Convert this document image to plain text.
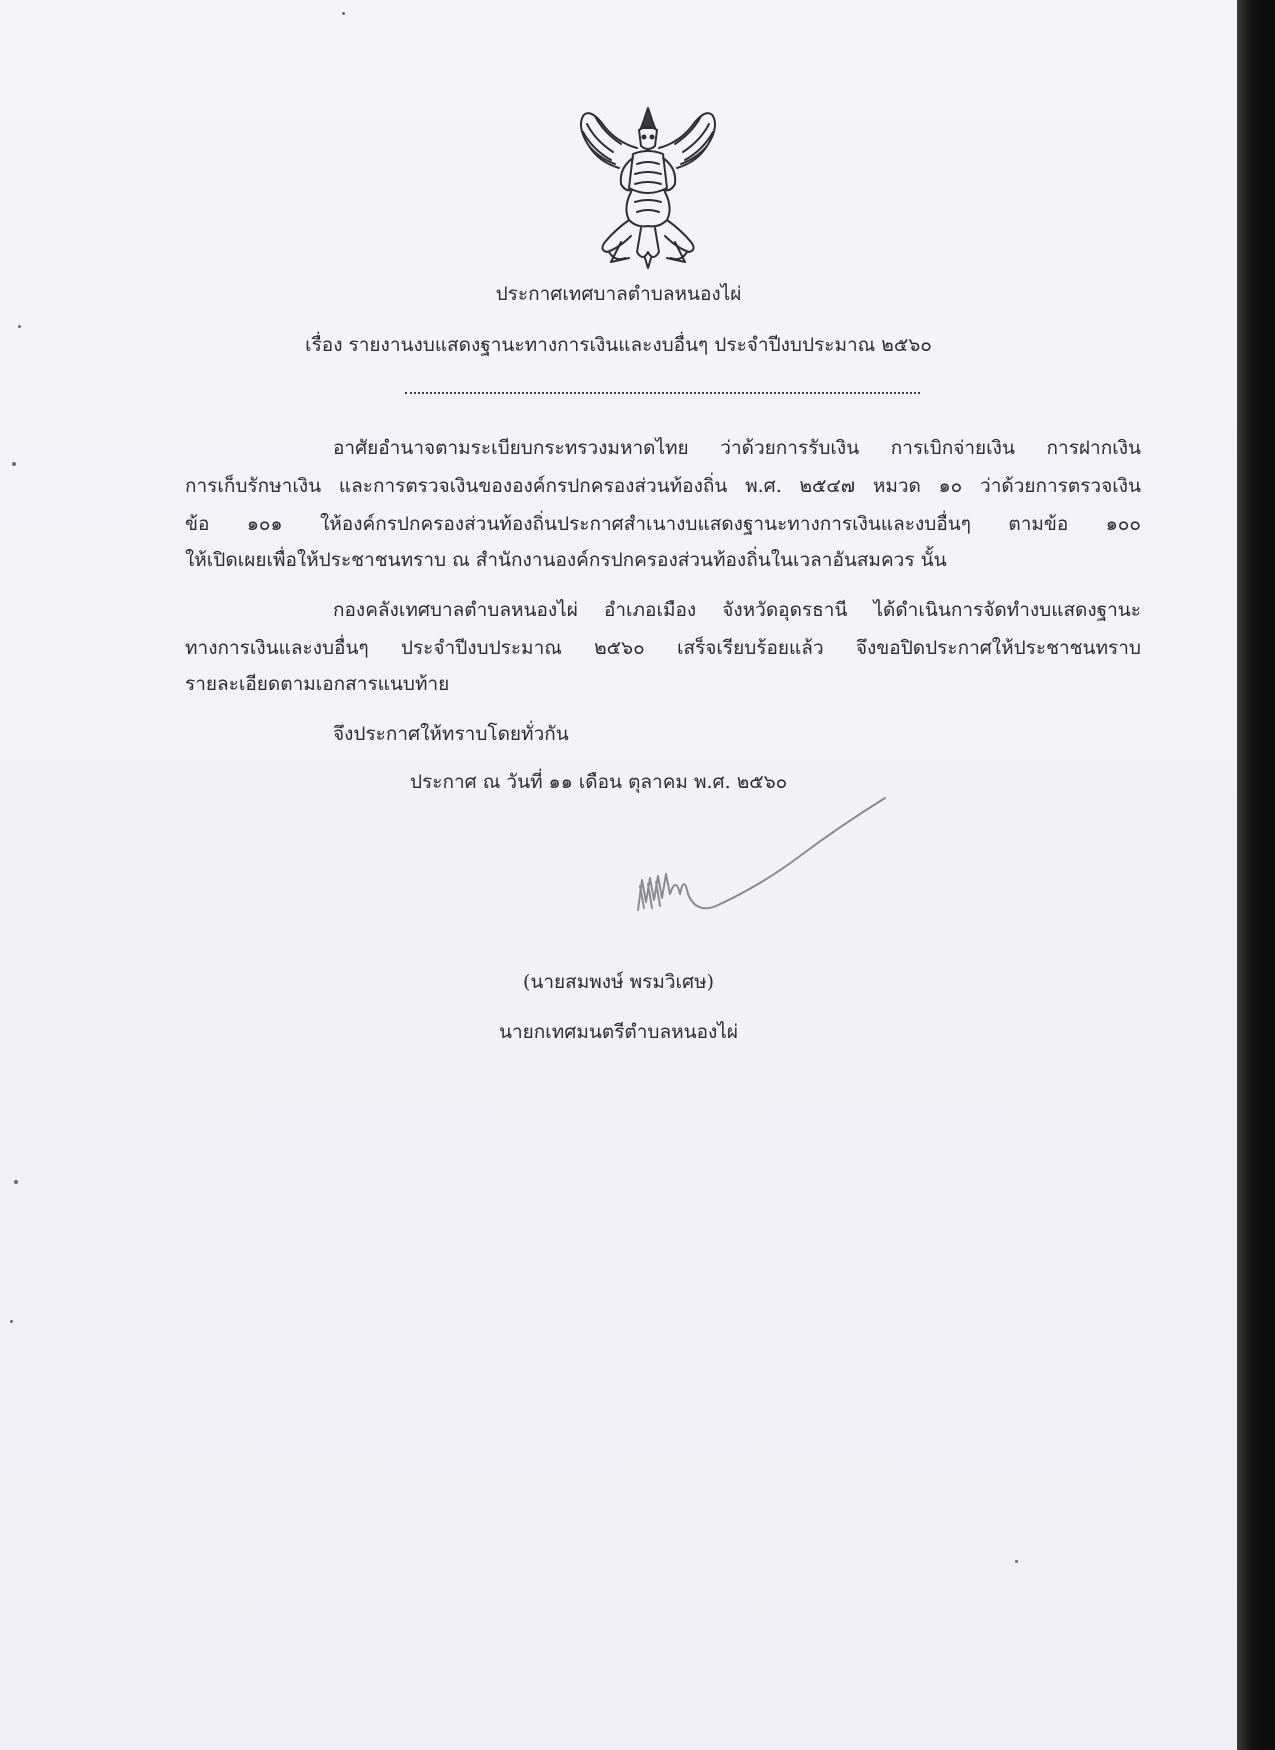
ประกาศเทศบาลตำบลหนองไผ่
เรื่อง รายงานงบแสดงฐานะทางการเงินและงบอื่นๆ ประจำปีงบประมาณ ๒๕๖๐
อาศัยอำนาจตามระเบียบกระทรวงมหาดไทย ว่าด้วยการรับเงิน การเบิกจ่ายเงิน การฝากเงิน
การเก็บรักษาเงิน และการตรวจเงินขององค์กรปกครองส่วนท้องถิ่น พ.ศ. ๒๕๔๗ หมวด ๑๐ ว่าด้วยการตรวจเงิน
ข้อ ๑๐๑ ให้องค์กรปกครองส่วนท้องถิ่นประกาศสำเนางบแสดงฐานะทางการเงินและงบอื่นๆ ตามข้อ ๑๐๐
ให้เปิดเผยเพื่อให้ประชาชนทราบ ณ สำนักงานองค์กรปกครองส่วนท้องถิ่นในเวลาอันสมควร นั้น
กองคลังเทศบาลตำบลหนองไผ่ อำเภอเมือง จังหวัดอุดรธานี ได้ดำเนินการจัดทำงบแสดงฐานะ
ทางการเงินและงบอื่นๆ ประจำปีงบประมาณ ๒๕๖๐ เสร็จเรียบร้อยแล้ว จึงขอปิดประกาศให้ประชาชนทราบ
รายละเอียดตามเอกสารแนบท้าย
จึงประกาศให้ทราบโดยทั่วกัน
ประกาศ ณ วันที่ ๑๑ เดือน ตุลาคม พ.ศ. ๒๕๖๐
(นายสมพงษ์ พรมวิเศษ)
นายกเทศมนตรีตำบลหนองไผ่
